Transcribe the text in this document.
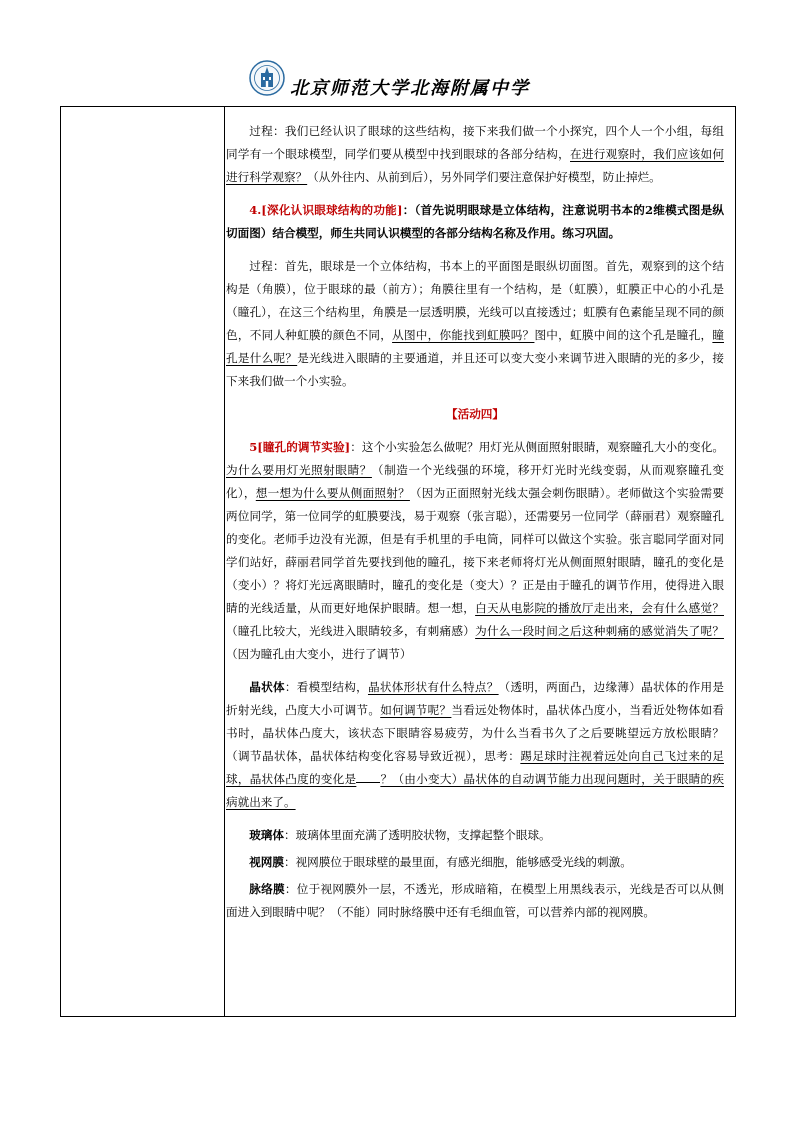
北京师范大学北海附属中学

过程：我们已经认识了眼球的这些结构，接下来我们做一个小探究，四个人一个小组，每组同学有一个眼球模型，同学们要从模型中找到眼球的各部分结构，在进行观察时，我们应该如何进行科学观察？（从外往内、从前到后），另外同学们要注意保护好模型，防止掉烂。

4.[深化认识眼球结构的功能]：（首先说明眼球是立体结构，注意说明书本的2维模式图是纵切面图）结合模型，师生共同认识模型的各部分结构名称及作用。练习巩固。

过程：首先，眼球是一个立体结构，书本上的平面图是眼纵切面图。首先，观察到的这个结构是（角膜），位于眼球的最（前方）；角膜往里有一个结构，是（虹膜），虹膜正中心的小孔是（瞳孔），在这三个结构里，角膜是一层透明膜，光线可以直接透过；虹膜有色素能呈现不同的颜色，不同人种虹膜的颜色不同，从图中，你能找到虹膜吗？图中，虹膜中间的这个孔是瞳孔，瞳孔是什么呢？是光线进入眼睛的主要通道，并且还可以变大变小来调节进入眼睛的光的多少，接下来我们做一个小实验。

【活动四】

5[瞳孔的调节实验]：这个小实验怎么做呢？用灯光从侧面照射眼睛，观察瞳孔大小的变化。为什么要用灯光照射眼睛？（制造一个光线强的环境，移开灯光时光线变弱，从而观察瞳孔变化），想一想为什么要从侧面照射？（因为正面照射光线太强会刺伤眼睛）。老师做这个实验需要两位同学，第一位同学的虹膜要浅，易于观察（张言聪），还需要另一位同学（薛丽君）观察瞳孔的变化。老师手边没有光源，但是有手机里的手电筒，同样可以做这个实验。张言聪同学面对同学们站好，薛丽君同学首先要找到他的瞳孔，接下来老师将灯光从侧面照射眼睛，瞳孔的变化是（变小）？将灯光远离眼睛时，瞳孔的变化是（变大）？正是由于瞳孔的调节作用，使得进入眼睛的光线适量，从而更好地保护眼睛。想一想，白天从电影院的播放厅走出来，会有什么感觉？（瞳孔比较大，光线进入眼睛较多，有刺痛感）为什么一段时间之后这种刺痛的感觉消失了呢？（因为瞳孔由大变小，进行了调节）

晶状体：看模型结构，晶状体形状有什么特点？（透明，两面凸，边缘薄）晶状体的作用是折射光线，凸度大小可调节。如何调节呢？当看远处物体时，晶状体凸度小，当看近处物体如看书时，晶状体凸度大，该状态下眼睛容易疲劳，为什么当看书久了之后要眺望远方放松眼睛？（调节晶状体，晶状体结构变化容易导致近视），思考：踢足球时注视着远处向自己飞过来的足球，晶状体凸度的变化是 ？（由小变大）晶状体的自动调节能力出现问题时，关于眼睛的疾病就出来了。

玻璃体：玻璃体里面充满了透明胶状物，支撑起整个眼球。

视网膜：视网膜位于眼球壁的最里面，有感光细胞，能够感受光线的刺激。

脉络膜：位于视网膜外一层，不透光，形成暗箱，在模型上用黑线表示，光线是否可以从侧面进入到眼睛中呢？（不能）同时脉络膜中还有毛细血管，可以营养内部的视网膜。
